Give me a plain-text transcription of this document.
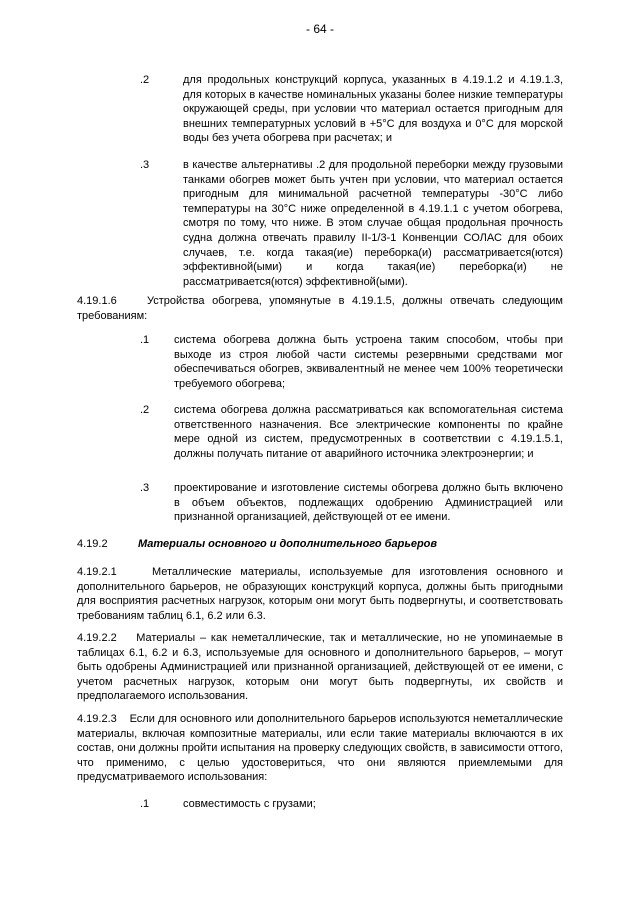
- 64 -
.2	для продольных конструкций корпуса, указанных в 4.19.1.2 и 4.19.1.3, для которых в качестве номинальных указаны более низкие температуры окружающей среды, при условии что материал остается пригодным для внешних температурных условий в +5°С для воздуха и 0°С для морской воды без учета обогрева при расчетах; и
.3	в качестве альтернативы .2 для продольной переборки между грузовыми танками обогрев может быть учтен при условии, что материал остается пригодным для минимальной расчетной температуры -30°С либо температуры на 30°С ниже определенной в 4.19.1.1 с учетом обогрева, смотря по тому, что ниже. В этом случае общая продольная прочность судна должна отвечать правилу II-1/3-1 Конвенции СОЛАС для обоих случаев, т.е. когда такая(ие) переборка(и) рассматривается(ются) эффективной(ыми) и когда такая(ие) переборка(и) не рассматривается(ются) эффективной(ыми).
4.19.1.6    Устройства обогрева, упомянутые в 4.19.1.5, должны отвечать следующим требованиям:
.1 система обогрева должна быть устроена таким способом, чтобы при выходе из строя любой части системы резервными средствами мог обеспечиваться обогрев, эквивалентный не менее чем 100% теоретически требуемого обогрева;
.2 система обогрева должна рассматриваться как вспомогательная система ответственного назначения. Все электрические компоненты по крайне мере одной из систем, предусмотренных в соответствии с 4.19.1.5.1, должны получать питание от аварийного источника электроэнергии; и
.3 проектирование и изготовление системы обогрева должно быть включено в объем объектов, подлежащих одобрению Администрацией или признанной организацией, действующей от ее имени.
4.19.2	Материалы основного и дополнительного барьеров
4.19.2.1    Металлические материалы, используемые для изготовления основного и дополнительного барьеров, не образующих конструкций корпуса, должны быть пригодными для восприятия расчетных нагрузок, которым они могут быть подвергнуты, и соответствовать требованиям таблиц 6.1, 6.2 или 6.3.
4.19.2.2    Материалы – как неметаллические, так и металлические, но не упоминаемые в таблицах 6.1, 6.2 и 6.3, используемые для основного и дополнительного барьеров, – могут быть одобрены Администрацией или признанной организацией, действующей от ее имени, с учетом расчетных нагрузок, которым они могут быть подвергнуты, их свойств и предполагаемого использования.
4.19.2.3    Если для основного или дополнительного барьеров используются неметаллические материалы, включая композитные материалы, или если такие материалы включаются в их состав, они должны пройти испытания на проверку следующих свойств, в зависимости оттого, что применимо, с целью удостовериться, что они являются приемлемыми для предусматриваемого использования:
.1	совместимость с грузами;
